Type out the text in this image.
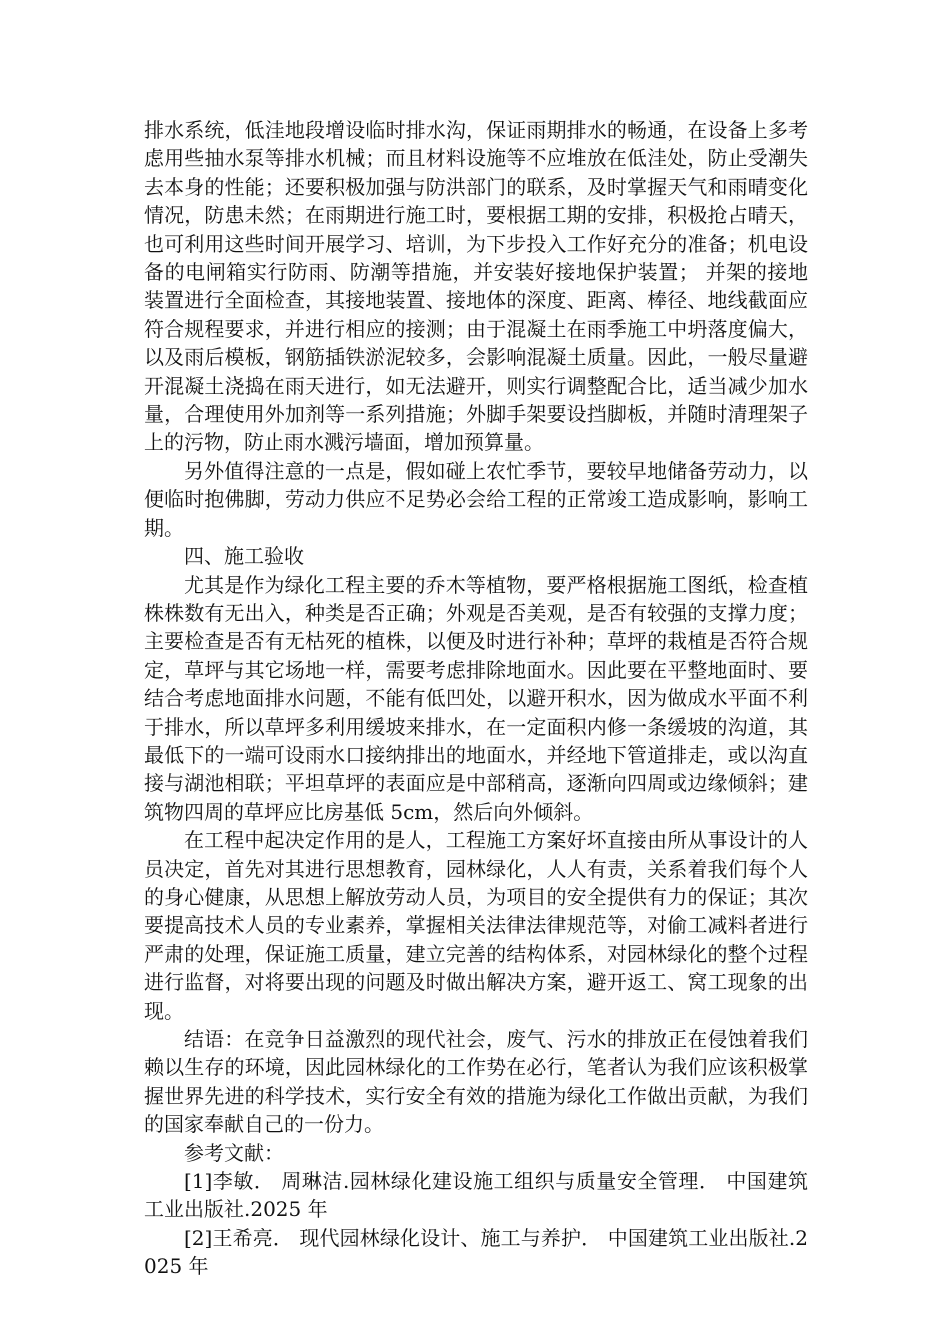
排水系统，低洼地段增设临时排水沟，保证雨期排水的畅通，在设备上多考虑用些抽水泵等排水机械；而且材料设施等不应堆放在低洼处，防止受潮失去本身的性能；还要积极加强与防洪部门的联系，及时掌握天气和雨晴变化情况，防患未然；在雨期进行施工时，要根据工期的安排，积极抢占晴天，也可利用这些时间开展学习、培训，为下步投入工作好充分的准备；机电设备的电闸箱实行防雨、防潮等措施，并安装好接地保护装置； 并架的接地装置进行全面检查，其接地装置、接地体的深度、距离、棒径、地线截面应符合规程要求，并进行相应的接测；由于混凝土在雨季施工中坍落度偏大，以及雨后模板，钢筋插铁淤泥较多，会影响混凝土质量。因此，一般尽量避开混凝土浇捣在雨天进行，如无法避开，则实行调整配合比，适当减少加水量，合理使用外加剂等一系列措施；外脚手架要设挡脚板，并随时清理架子上的污物，防止雨水溅污墙面，增加预算量。

另外值得注意的一点是，假如碰上农忙季节，要较早地储备劳动力，以便临时抱佛脚，劳动力供应不足势必会给工程的正常竣工造成影响，影响工期。

四、施工验收

尤其是作为绿化工程主要的乔木等植物，要严格根据施工图纸，检查植株株数有无出入，种类是否正确；外观是否美观，是否有较强的支撑力度；主要检查是否有无枯死的植株，以便及时进行补种；草坪的栽植是否符合规定，草坪与其它场地一样，需要考虑排除地面水。因此要在平整地面时、要结合考虑地面排水问题，不能有低凹处，以避开积水，因为做成水平面不利于排水，所以草坪多利用缓坡来排水，在一定面积内修一条缓坡的沟道，其最低下的一端可设雨水口接纳排出的地面水，并经地下管道排走，或以沟直接与湖池相联；平坦草坪的表面应是中部稍高，逐渐向四周或边缘倾斜；建筑物四周的草坪应比房基低 5cm，然后向外倾斜。

在工程中起决定作用的是人，工程施工方案好坏直接由所从事设计的人员决定，首先对其进行思想教育，园林绿化，人人有责，关系着我们每个人的身心健康，从思想上解放劳动人员，为项目的安全提供有力的保证；其次要提高技术人员的专业素养，掌握相关法律法律规范等，对偷工减料者进行严肃的处理，保证施工质量，建立完善的结构体系，对园林绿化的整个过程进行监督，对将要出现的问题及时做出解决方案，避开返工、窝工现象的出现。

结语：在竞争日益激烈的现代社会，废气、污水的排放正在侵蚀着我们赖以生存的环境，因此园林绿化的工作势在必行，笔者认为我们应该积极掌握世界先进的科学技术，实行安全有效的措施为绿化工作做出贡献，为我们的国家奉献自己的一份力。

参考文献：

[1]李敏． 周琳洁.园林绿化建设施工组织与质量安全管理． 中国建筑工业出版社.2025 年

[2]王希亮． 现代园林绿化设计、施工与养护． 中国建筑工业出版社.2025 年
